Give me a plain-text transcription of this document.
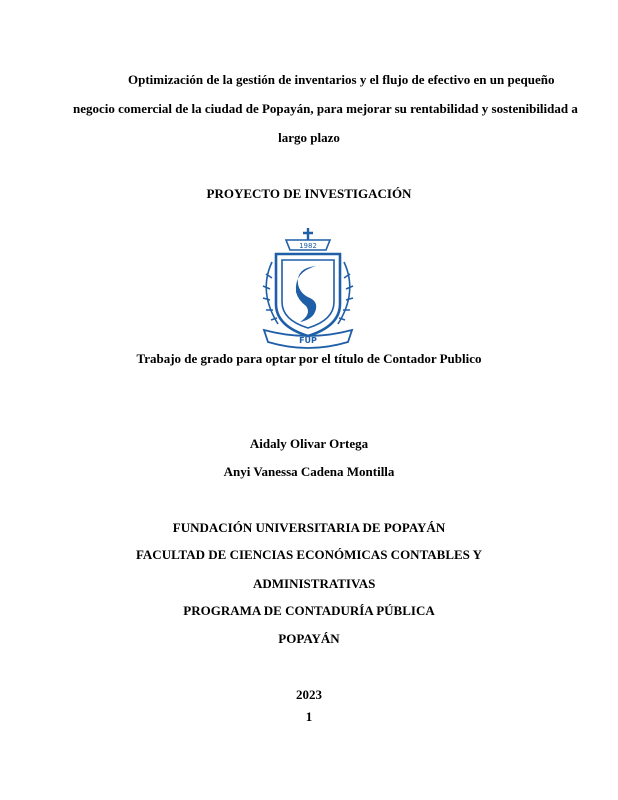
Optimización de la gestión de inventarios y el flujo de efectivo en un pequeño
negocio comercial de la ciudad de Popayán, para mejorar su rentabilidad y sostenibilidad a
largo plazo
PROYECTO DE INVESTIGACIÓN
1982
FUP
Trabajo de grado para optar por el título de Contador Publico
Aidaly Olivar Ortega
Anyi Vanessa Cadena Montilla
FUNDACIÓN UNIVERSITARIA DE POPAYÁN
FACULTAD DE CIENCIAS ECONÓMICAS CONTABLES Y
ADMINISTRATIVAS
PROGRAMA DE CONTADURÍA PÚBLICA
POPAYÁN
2023
1
